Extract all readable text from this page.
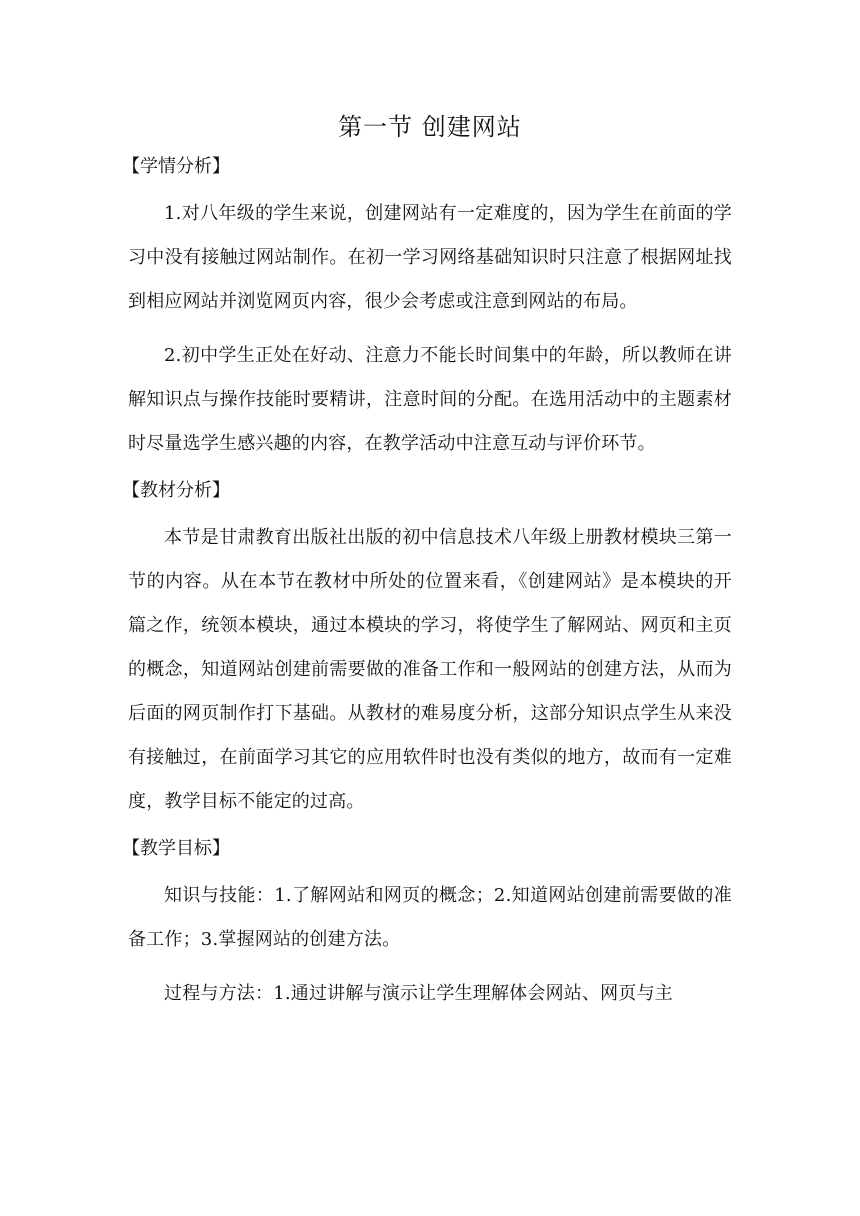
第一节 创建网站
【学情分析】

1.对八年级的学生来说，创建网站有一定难度的，因为学生在前面的学习中没有接触过网站制作。在初一学习网络基础知识时只注意了根据网址找到相应网站并浏览网页内容，很少会考虑或注意到网站的布局。

2.初中学生正处在好动、注意力不能长时间集中的年龄，所以教师在讲解知识点与操作技能时要精讲，注意时间的分配。在选用活动中的主题素材时尽量选学生感兴趣的内容，在教学活动中注意互动与评价环节。

【教材分析】

本节是甘肃教育出版社出版的初中信息技术八年级上册教材模块三第一节的内容。从在本节在教材中所处的位置来看，《创建网站》是本模块的开篇之作，统领本模块，通过本模块的学习，将使学生了解网站、网页和主页的概念，知道网站创建前需要做的准备工作和一般网站的创建方法，从而为后面的网页制作打下基础。从教材的难易度分析，这部分知识点学生从来没有接触过，在前面学习其它的应用软件时也没有类似的地方，故而有一定难度，教学目标不能定的过高。

【教学目标】

知识与技能：1.了解网站和网页的概念；2.知道网站创建前需要做的准备工作；3.掌握网站的创建方法。

过程与方法：1.通过讲解与演示让学生理解体会网站、网页与主
